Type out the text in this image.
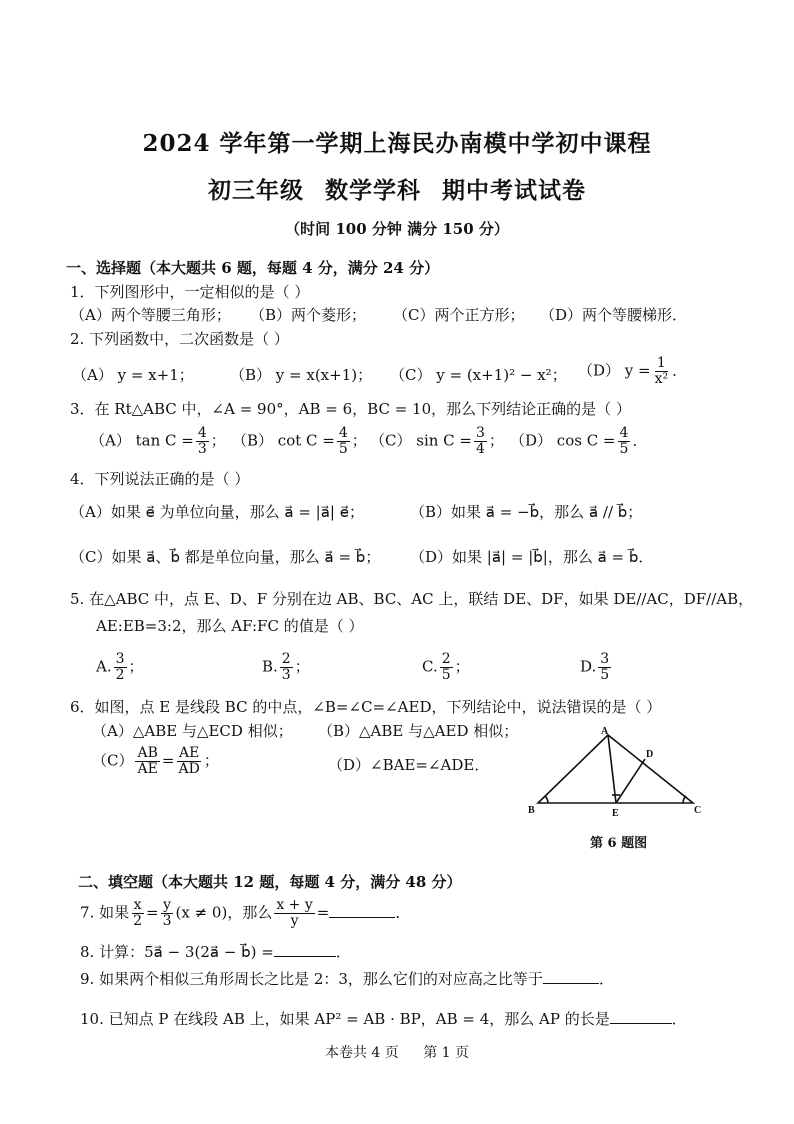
2024 学年第一学期上海民办南模中学初中课程
初三年级 数学学科 期中考试试卷
（时间 100 分钟 满分 150 分）
一、选择题（本大题共 6 题，每题 4 分，满分 24 分）
1．下列图形中，一定相似的是（ ）
（A）两个等腰三角形； （B）两个菱形； （C）两个正方形； （D）两个等腰梯形．
2. 下列函数中，二次函数是（ ）
（A） y = x+1； （B） y = x(x+1)； （C） y = (x+1)² − x²； （D） $y = \frac{1}{\text{x²}}$ ．
3．在 Rt△ABC 中，∠A = 90°，AB = 6，BC = 10，那么下列结论正确的是（ ）
（A） $\tan C = \frac{4}{3}$ ； （B） $\cot C = \frac{4}{5}$ ； （C） $\sin C = \frac{3}{4}$ ； （D） $\cos C = \frac{4}{5}$ ．
4．下列说法正确的是（ ）
（A）如果 e⃗ 为单位向量，那么 a⃗ = |a⃗| e⃗；	（B）如果 a⃗ = −b⃗，那么 a⃗ // b⃗；
（C）如果 a⃗、b⃗ 都是单位向量，那么 a⃗ = b⃗； （D）如果 |a⃗| = |b⃗|，那么 a⃗ = b⃗．
5. 在△ABC 中，点 E、D、F 分别在边 AB、BC、AC 上，联结 DE、DF，如果 DE//AC，DF//AB，
AE:EB=3:2，那么 AF:FC 的值是（ ）
A. $\frac{3}{2}$ ；	B. $\frac{2}{3}$ ；	C. $\frac{2}{5}$ ；	D. $\frac{3}{5}$
6．如图，点 E 是线段 BC 的中点，∠B=∠C=∠AED，下列结论中，说法错误的是（ ）
（A）△ABE 与△ECD 相似； （B）△ABE 与△AED 相似；
$(C) \frac{AB}{AE} = \frac{AE}{AD}$ ；	（D）∠BAE=∠ADE．
A
B	C
D
E
第 6 题图
二、填空题（本大题共 12 题，每题 4 分，满分 48 分）
7. 如果 $\frac{x}{2} = \frac{y}{3} (x \ne 0)$，那么 $\frac{x + y}{y}$ =	．
8. 计算：5a⃗ − 3(2a⃗ − b⃗) =	．
9. 如果两个相似三角形周长之比是 2：3，那么它们的对应高之比等于	．
10. 已知点 P 在线段 AB 上，如果 AP² = AB · BP，AB = 4，那么 AP 的长是	．
本卷共 4 页 第 1 页
